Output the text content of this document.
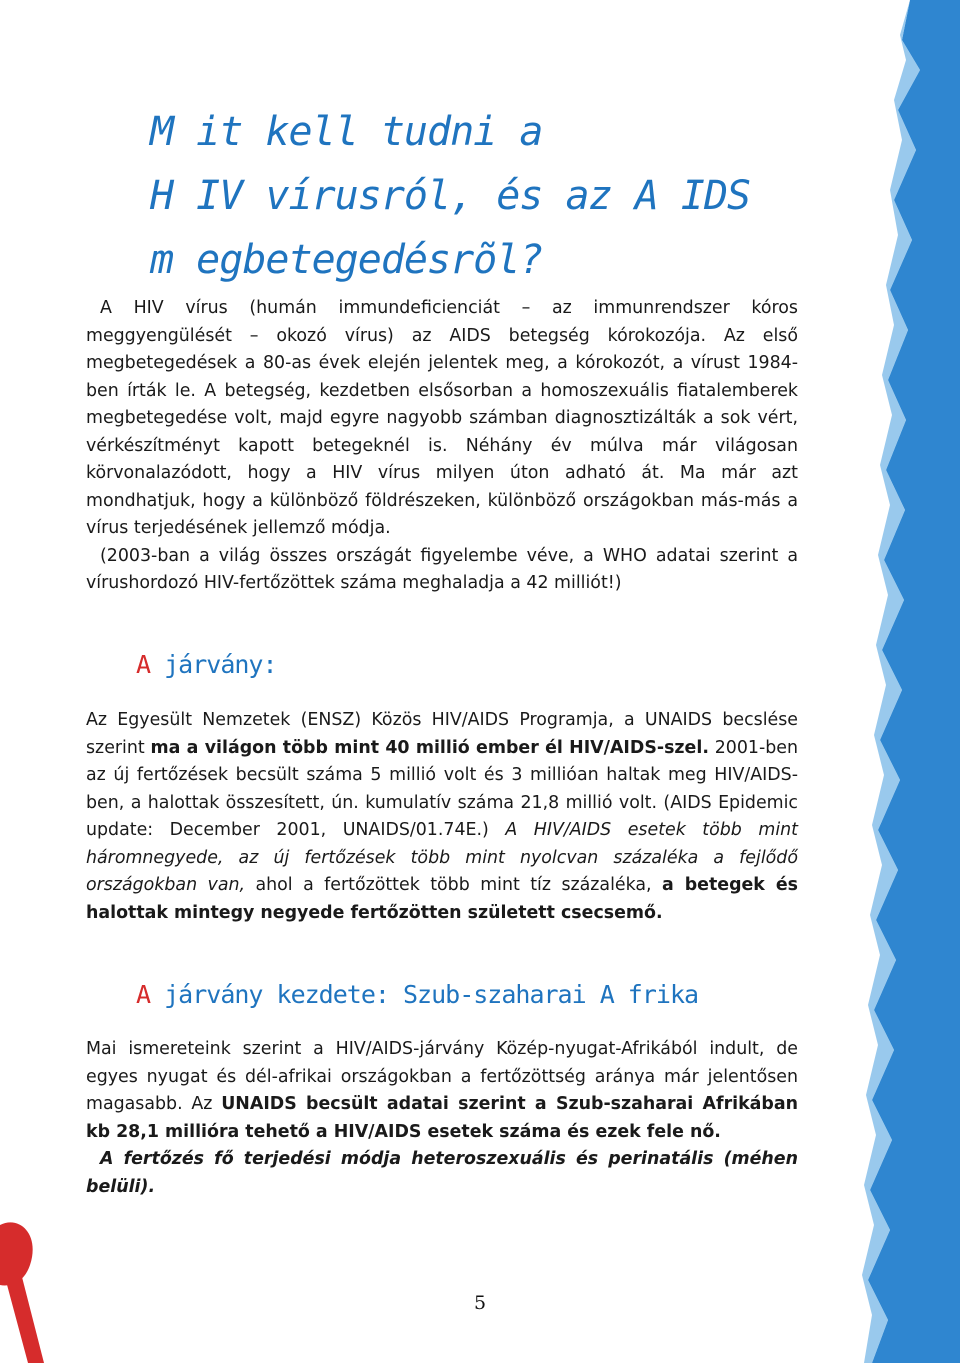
M it kell tudni a
H IV vírusról, és az A IDS
m egbetegedésrõl?

A HIV vírus (humán immundeficienciát – az immunrendszer kóros meggyengülését – okozó vírus) az AIDS betegség kórokozója. Az első megbetegedések a 80-as évek elején jelentek meg, a kórokozót, a vírust 1984-ben írták le. A betegség, kezdetben elsősorban a homoszexuális fiatalemberek megbetegedése volt, majd egyre nagyobb számban diagnosztizálták a sok vért, vérkészítményt kapott betegeknél is. Néhány év múlva már világosan körvonalazódott, hogy a HIV vírus milyen úton adható át. Ma már azt mondhatjuk, hogy a különböző földrészeken, különböző országokban más-más a vírus terjedésének jellemző módja.

(2003-ban a világ összes országát figyelembe véve, a WHO adatai szerint a vírushordozó HIV-fertőzöttek száma meghaladja a 42 milliót!)

A járvány:

Az Egyesült Nemzetek (ENSZ) Közös HIV/AIDS Programja, a UNAIDS becslése szerint ma a világon több mint 40 millió ember él HIV/AIDS-szel. 2001-ben az új fertőzések becsült száma 5 millió volt és 3 millióan haltak meg HIV/AIDS-ben, a halottak összesített, ún. kumulatív száma 21,8 millió volt. (AIDS Epidemic update: December 2001, UNAIDS/01.74E.) A HIV/AIDS esetek több mint háromnegyede, az új fertőzések több mint nyolcvan százaléka a fejlődő országokban van, ahol a fertőzöttek több mint tíz százaléka, a betegek és halottak mintegy negyede fertőzötten született csecsemő.

A járvány kezdete: Szub-szaharai A frika

Mai ismereteink szerint a HIV/AIDS-járvány Közép-nyugat-Afrikából indult, de egyes nyugat és dél-afrikai országokban a fertőzöttség aránya már jelentősen magasabb. Az UNAIDS becsült adatai szerint a Szub-szaharai Afrikában kb 28,1 millióra tehető a HIV/AIDS esetek száma és ezek fele nő.

A fertőzés fő terjedési módja heteroszexuális és perinatális (méhen belüli).

5
